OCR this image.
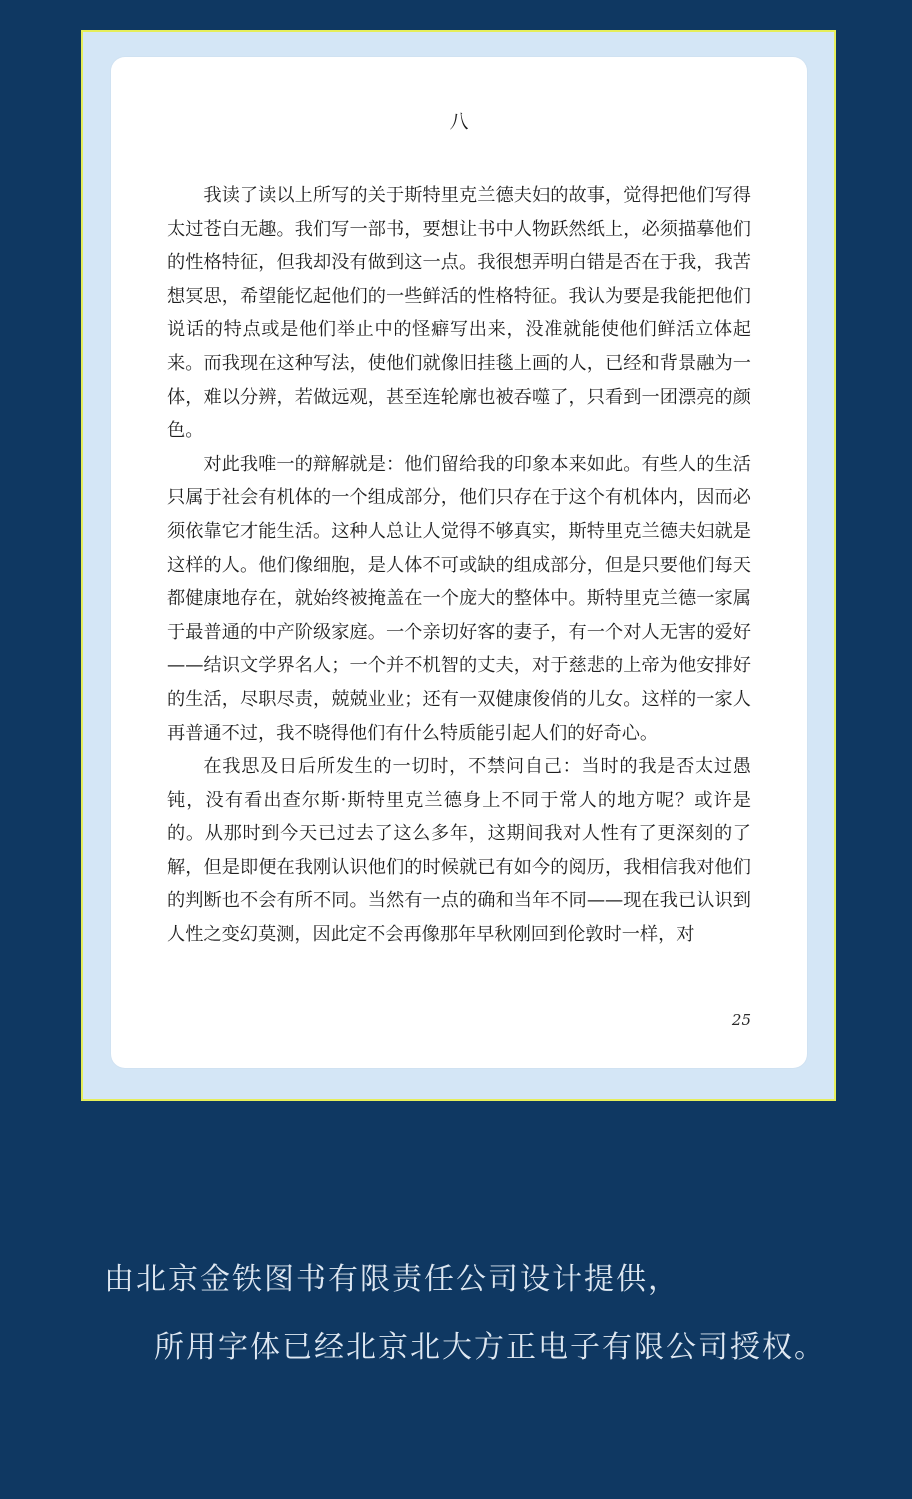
八

我读了读以上所写的关于斯特里克兰德夫妇的故事，觉得把他们写得太过苍白无趣。我们写一部书，要想让书中人物跃然纸上，必须描摹他们的性格特征，但我却没有做到这一点。我很想弄明白错是否在于我，我苦想冥思，希望能忆起他们的一些鲜活的性格特征。我认为要是我能把他们说话的特点或是他们举止中的怪癖写出来，没准就能使他们鲜活立体起来。而我现在这种写法，使他们就像旧挂毯上画的人，已经和背景融为一体，难以分辨，若做远观，甚至连轮廓也被吞噬了，只看到一团漂亮的颜色。

对此我唯一的辩解就是：他们留给我的印象本来如此。有些人的生活只属于社会有机体的一个组成部分，他们只存在于这个有机体内，因而必须依靠它才能生活。这种人总让人觉得不够真实，斯特里克兰德夫妇就是这样的人。他们像细胞，是人体不可或缺的组成部分，但是只要他们每天都健康地存在，就始终被掩盖在一个庞大的整体中。斯特里克兰德一家属于最普通的中产阶级家庭。一个亲切好客的妻子，有一个对人无害的爱好——结识文学界名人；一个并不机智的丈夫，对于慈悲的上帝为他安排好的生活，尽职尽责，兢兢业业；还有一双健康俊俏的儿女。这样的一家人再普通不过，我不晓得他们有什么特质能引起人们的好奇心。

在我思及日后所发生的一切时，不禁问自己：当时的我是否太过愚钝，没有看出查尔斯·斯特里克兰德身上不同于常人的地方呢？或许是的。从那时到今天已过去了这么多年，这期间我对人性有了更深刻的了解，但是即便在我刚认识他们的时候就已有如今的阅历，我相信我对他们的判断也不会有所不同。当然有一点的确和当年不同——现在我已认识到人性之变幻莫测，因此定不会再像那年早秋刚回到伦敦时一样，对

25
由北京金铁图书有限责任公司设计提供，
所用字体已经北京北大方正电子有限公司授权。
